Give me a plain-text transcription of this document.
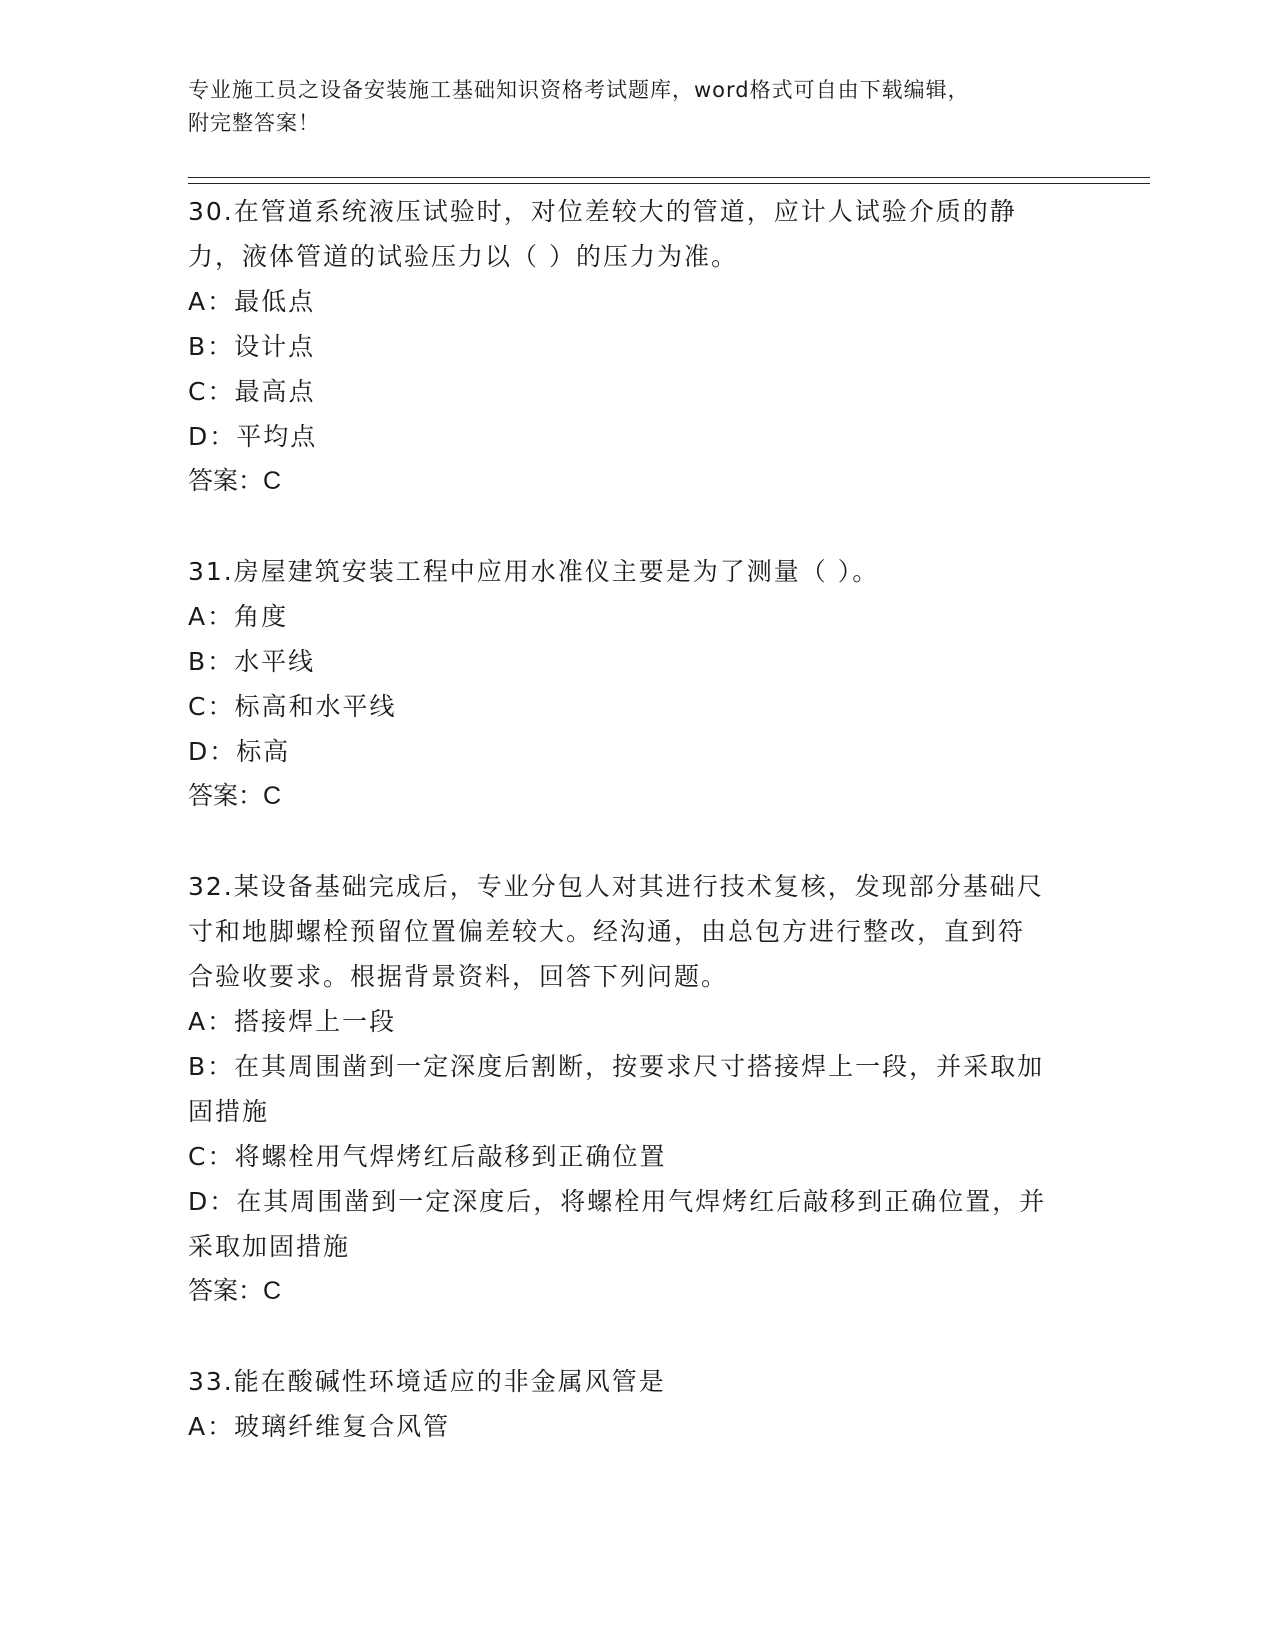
专业施工员之设备安装施工基础知识资格考试题库，word格式可自由下载编辑，
附完整答案！

30.在管道系统液压试验时，对位差较大的管道，应计人试验介质的静力，液体管道的试验压力以（ ）的压力为准。

A：最低点

B：设计点

C：最高点

D：平均点

答案：C

31.房屋建筑安装工程中应用水准仪主要是为了测量（ ）。

A：角度

B：水平线

C：标高和水平线

D：标高

答案：C

32.某设备基础完成后，专业分包人对其进行技术复核，发现部分基础尺寸和地脚螺栓预留位置偏差较大。经沟通，由总包方进行整改，直到符合验收要求。根据背景资料，回答下列问题。

A：搭接焊上一段

B：在其周围凿到一定深度后割断，按要求尺寸搭接焊上一段，并采取加固措施

C：将螺栓用气焊烤红后敲移到正确位置

D：在其周围凿到一定深度后，将螺栓用气焊烤红后敲移到正确位置，并采取加固措施

答案：C

33.能在酸碱性环境适应的非金属风管是

A：玻璃纤维复合风管
